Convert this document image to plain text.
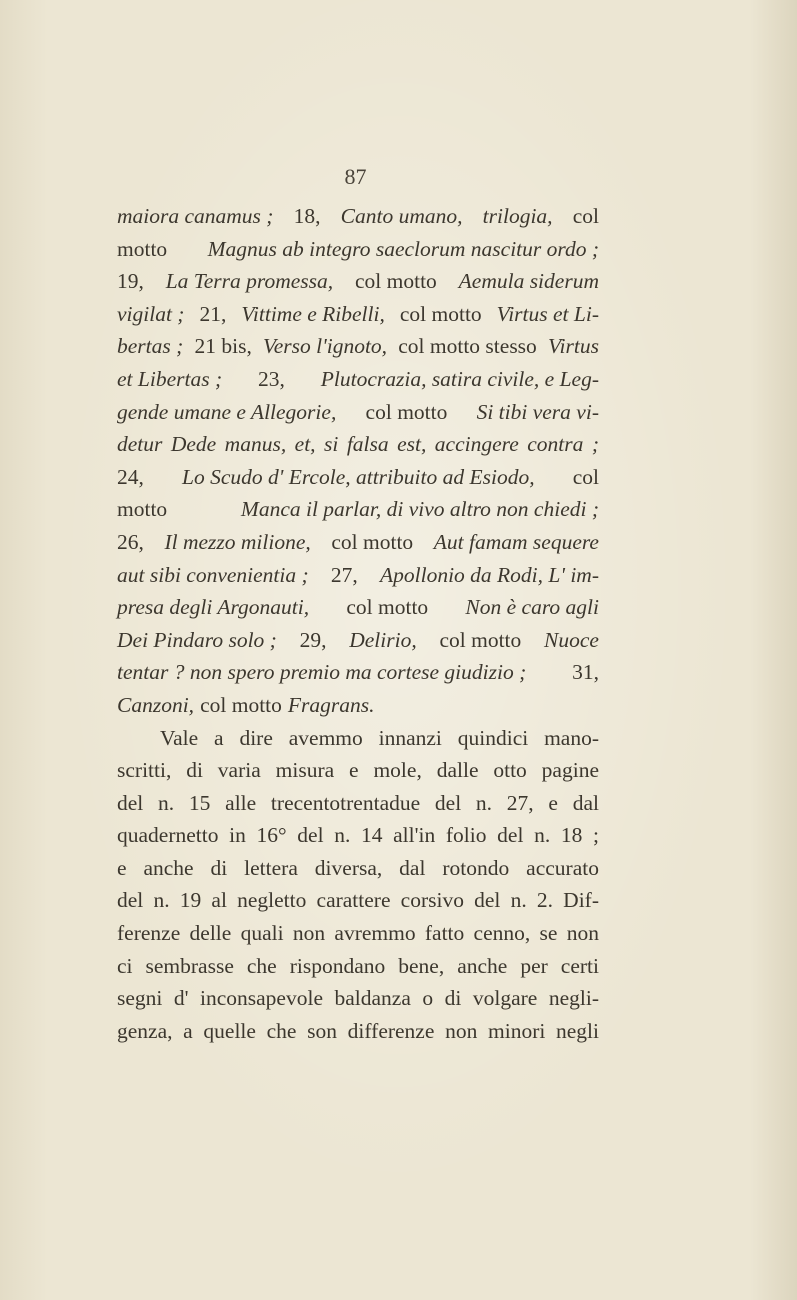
87
maiora canamus ; 18, Canto umano, trilogia, col
motto Magnus ab integro saeclorum nascitur ordo ;
19, La Terra promessa, col motto Aemula siderum
vigilat ; 21, Vittime e Ribelli, col motto Virtus et Li-
bertas ; 21 bis, Verso l'ignoto, col motto stesso Virtus
et Libertas ; 23, Plutocrazia, satira civile, e Leg-
gende umane e Allegorie, col motto Si tibi vera vi-
detur Dede manus, et, si falsa est, accingere contra ;
24, Lo Scudo d' Ercole, attribuito ad Esiodo, col
motto	Manca il parlar, di vivo altro non chiedi ;
26, Il mezzo milione, col motto Aut famam sequere
aut sibi convenientia ; 27, Apollonio da Rodi, L' im-
presa degli Argonauti, col motto Non è caro agli
Dei Pindaro solo ; 29, Delirio, col motto Nuoce
tentar ? non spero premio ma cortese giudizio ; 31,
Canzoni, col motto Fragrans.
Vale a dire avemmo innanzi quindici mano-
scritti, di varia misura e mole, dalle otto pagine
del n. 15 alle trecentotrentadue del n. 27, e dal
quadernetto in 16° del n. 14 all'in folio del n. 18 ;
e anche di lettera diversa, dal rotondo accurato
del n. 19 al negletto carattere corsivo del n. 2. Dif-
ferenze delle quali non avremmo fatto cenno, se non
ci sembrasse che rispondano bene, anche per certi
segni d' inconsapevole baldanza o di volgare negli-
genza, a quelle che son differenze non minori negli
